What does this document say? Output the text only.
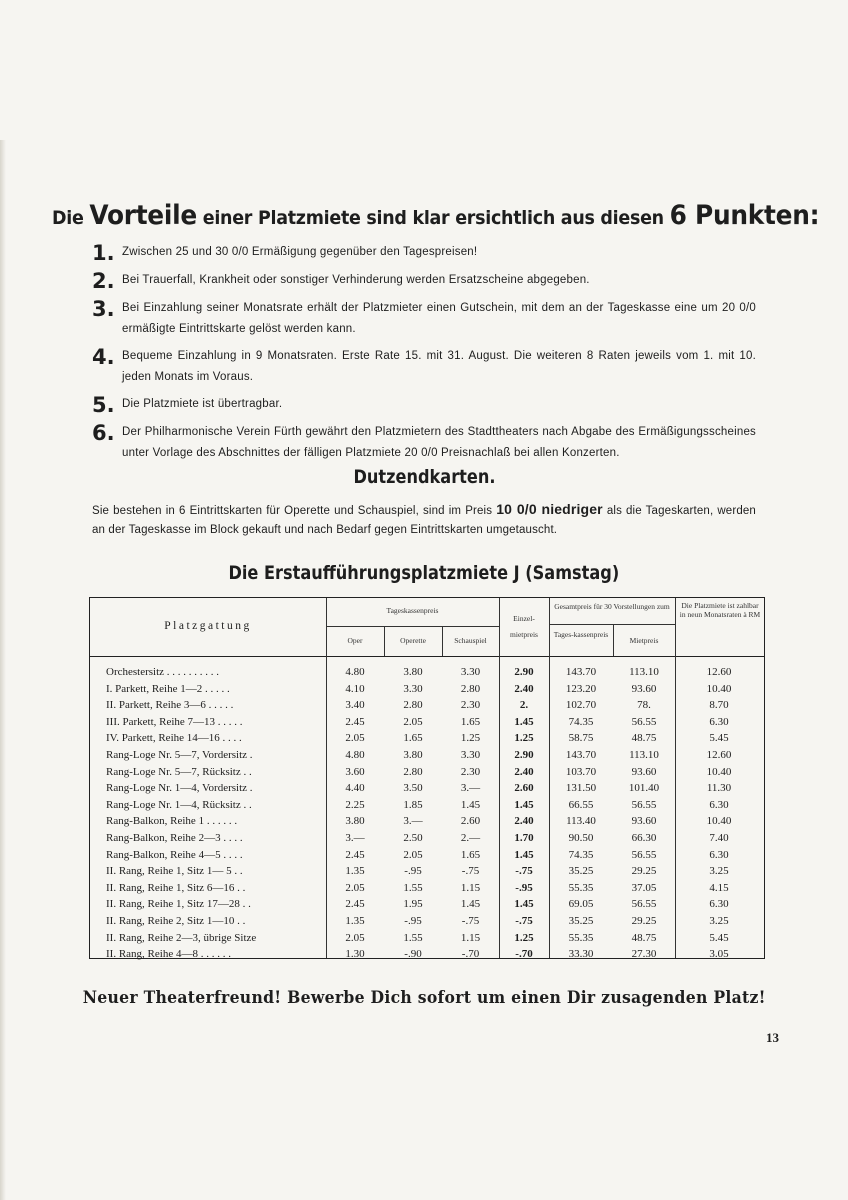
Die Vorteile einer Platzmiete sind klar ersichtlich aus diesen 6 Punkten:
1. Zwischen 25 und 30 0/0 Ermäßigung gegenüber den Tagespreisen!
2. Bei Trauerfall, Krankheit oder sonstiger Verhinderung werden Ersatzscheine abgegeben.
3. Bei Einzahlung seiner Monatsrate erhält der Platzmieter einen Gutschein, mit dem an der Tageskasse eine um 20 0/0 ermäßigte Eintrittskarte gelöst werden kann.
4. Bequeme Einzahlung in 9 Monatsraten. Erste Rate 15. mit 31. August. Die weiteren 8 Raten jeweils vom 1. mit 10. jeden Monats im Voraus.
5. Die Platzmiete ist übertragbar.
6. Der Philharmonische Verein Fürth gewährt den Platzmietern des Stadttheaters nach Abgabe des Ermäßigungsscheines unter Vorlage des Abschnittes der fälligen Platzmiete 20 0/0 Preisnachlaß bei allen Konzerten.
Dutzendkarten.
Sie bestehen in 6 Eintrittskarten für Operette und Schauspiel, sind im Preis 10 0/0 niedriger als die Tageskarten, werden an der Tageskasse im Block gekauft und nach Bedarf gegen Eintrittskarten umgetauscht.
Die Erstaufführungsplatzmiete J (Samstag)
Platzgattung
Tageskassenpreis
Oper	Operette	Schauspiel
Einzel-
mietpreis
Gesamtpreis für 30 Vorstellungen zum
Tages-kassenpreis
Mietpreis
Die Platzmiete ist zahlbar in neun Monatsraten à RM
Orchestersitz . . . . . . . . . .	4.80	3.80	3.30	2.90	143.70	113.10	12.60
I. Parkett, Reihe 1—2 . . . . .	4.10	3.30	2.80	2.40	123.20	93.60	10.40
II. Parkett, Reihe 3—6 . . . . .	3.40	2.80	2.30	2.	102.70	78.	8.70
III. Parkett, Reihe 7—13 . . . . .	2.45	2.05	1.65	1.45	74.35	56.55	6.30
IV. Parkett, Reihe 14—16 . . . .	2.05	1.65	1.25	1.25	58.75	48.75	5.45
Rang-Loge Nr. 5—7, Vordersitz .	4.80	3.80	3.30	2.90	143.70	113.10	12.60
Rang-Loge Nr. 5—7, Rücksitz . .	3.60	2.80	2.30	2.40	103.70	93.60	10.40
Rang-Loge Nr. 1—4, Vordersitz .	4.40	3.50	3.—	2.60	131.50	101.40	11.30
Rang-Loge Nr. 1—4, Rücksitz . .	2.25	1.85	1.45	1.45	66.55	56.55	6.30
Rang-Balkon, Reihe 1 . . . . . .	3.80	3.—	2.60	2.40	113.40	93.60	10.40
Rang-Balkon, Reihe 2—3 . . . .	3.—	2.50	2.—	1.70	90.50	66.30	7.40
Rang-Balkon, Reihe 4—5 . . . .	2.45	2.05	1.65	1.45	74.35	56.55	6.30
II. Rang, Reihe 1, Sitz 1— 5 . .	1.35	-.95	-.75	-.75	35.25	29.25	3.25
II. Rang, Reihe 1, Sitz 6—16 . .	2.05	1.55	1.15	-.95	55.35	37.05	4.15
II. Rang, Reihe 1, Sitz 17—28 . .	2.45	1.95	1.45	1.45	69.05	56.55	6.30
II. Rang, Reihe 2, Sitz 1—10 . .	1.35	-.95	-.75	-.75	35.25	29.25	3.25
II. Rang, Reihe 2—3, übrige Sitze	2.05	1.55	1.15	1.25	55.35	48.75	5.45
II. Rang, Reihe 4—8 . . . . . .	1.30	-.90	-.70	-.70	33.30	27.30	3.05
Neuer Theaterfreund! Bewerbe Dich sofort um einen Dir zusagenden Platz!
13
